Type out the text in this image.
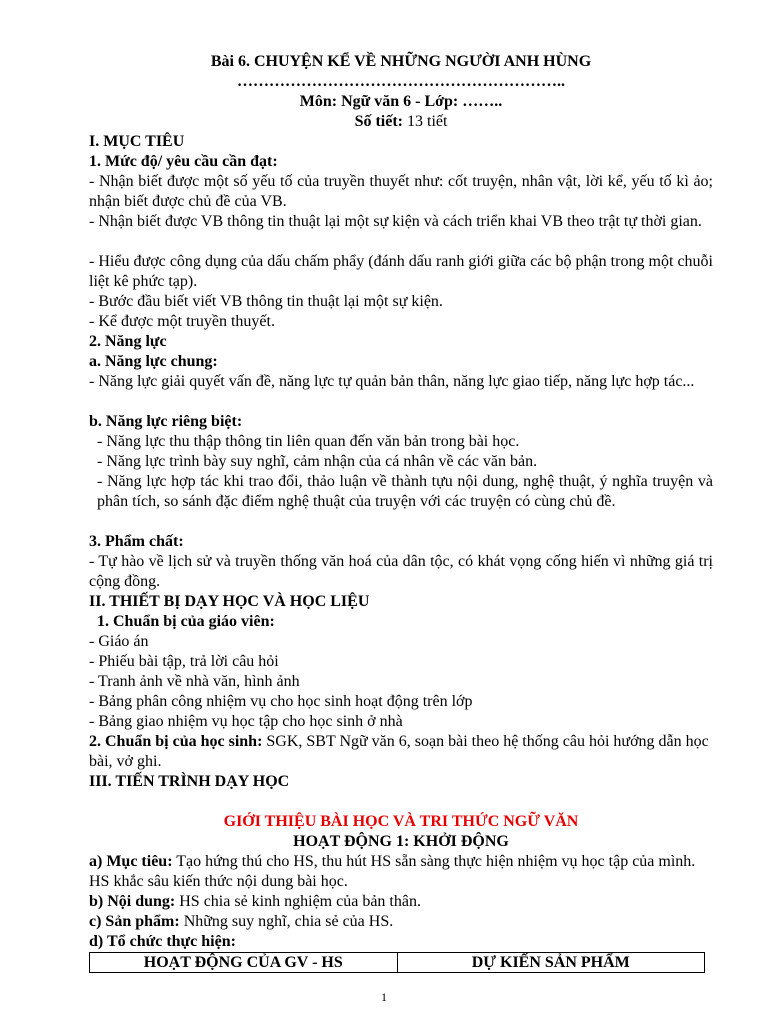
Bài 6. CHUYỆN KỂ VỀ NHỮNG NGƯỜI ANH HÙNG
……………………………………………………..
Môn: Ngữ văn 6 - Lớp: ……..
Số tiết: 13 tiết
I. MỤC TIÊU
1. Mức độ/ yêu cầu cần đạt:
- Nhận biết được một số yếu tố của truyền thuyết như: cốt truyện, nhân vật, lời kể, yếu tố kì ảo; nhận biết được chủ đề của VB.
- Nhận biết được VB thông tin thuật lại một sự kiện và cách triển khai VB theo trật tự thời gian.
- Hiểu được công dụng của dấu chấm phẩy (đánh dấu ranh giới giữa các bộ phận trong một chuỗi liệt kê phức tạp).
- Bước đầu biết viết VB thông tin thuật lại một sự kiện.
- Kể được một truyền thuyết.
2. Năng lực
a. Năng lực chung:
- Năng lực giải quyết vấn đề, năng lực tự quản bản thân, năng lực giao tiếp, năng lực hợp tác...
b. Năng lực riêng biệt:
- Năng lực thu thập thông tin liên quan đến văn bản trong bài học.
- Năng lực trình bày suy nghĩ, cảm nhận của cá nhân về các văn bản.
- Năng lực hợp tác khi trao đổi, thảo luận về thành tựu nội dung, nghệ thuật, ý nghĩa truyện và phân tích, so sánh đặc điểm nghệ thuật của truyện với các truyện có cùng chủ đề.
3. Phẩm chất:
- Tự hào về lịch sử và truyền thống văn hoá của dân tộc, có khát vọng cống hiến vì những giá trị cộng đồng.
II. THIẾT BỊ DẠY HỌC VÀ HỌC LIỆU
1. Chuẩn bị của giáo viên:
- Giáo án
- Phiếu bài tập, trả lời câu hỏi
- Tranh ảnh về nhà văn, hình ảnh
- Bảng phân công nhiệm vụ cho học sinh hoạt động trên lớp
- Bảng giao nhiệm vụ học tập cho học sinh ở nhà
2. Chuẩn bị của học sinh: SGK, SBT Ngữ văn 6, soạn bài theo hệ thống câu hỏi hướng dẫn học bài, vở ghi.
III. TIẾN TRÌNH DẠY HỌC
GIỚI THIỆU BÀI HỌC VÀ TRI THỨC NGỮ VĂN
HOẠT ĐỘNG 1: KHỞI ĐỘNG
a) Mục tiêu: Tạo hứng thú cho HS, thu hút HS sẵn sàng thực hiện nhiệm vụ học tập của mình. HS khắc sâu kiến thức nội dung bài học.
b) Nội dung: HS chia sẻ kinh nghiệm của bản thân.
c) Sản phẩm: Những suy nghĩ, chia sẻ của HS.
d) Tổ chức thực hiện:
HOẠT ĐỘNG CỦA GV - HS	DỰ KIẾN SẢN PHẨM
1
